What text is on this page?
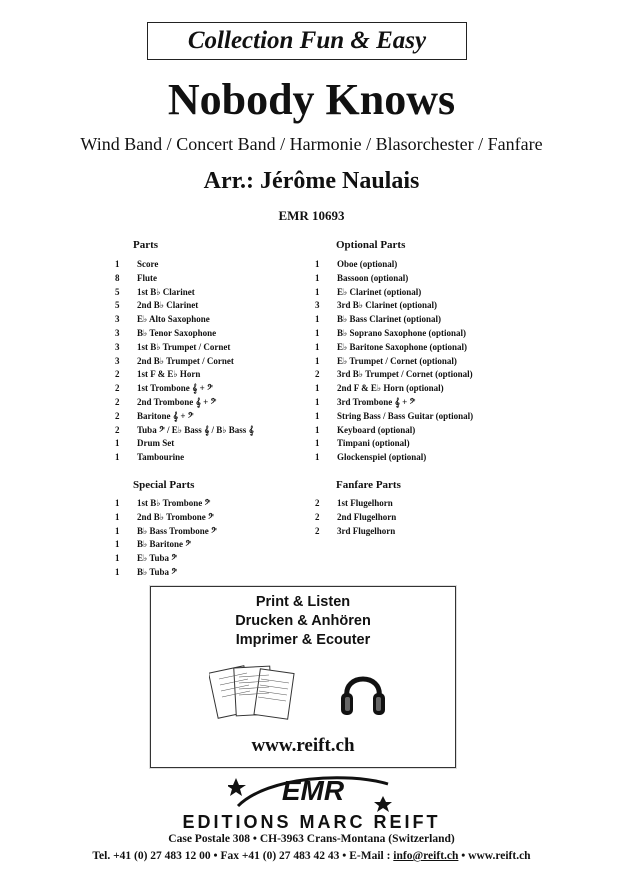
Collection Fun & Easy
Nobody Knows
Wind Band / Concert Band / Harmonie / Blasorchester / Fanfare
Arr.: Jérôme Naulais
EMR 10693
Parts
1	Score
8	Flute
5	1st B♭ Clarinet
5	2nd B♭ Clarinet
3	E♭ Alto Saxophone
3	B♭ Tenor Saxophone
3	1st B♭ Trumpet / Cornet
3	2nd B♭ Trumpet / Cornet
2	1st F & E♭ Horn
2	1st Trombone 𝄞 + 𝄢
2	2nd Trombone 𝄞 + 𝄢
2	Baritone 𝄞 + 𝄢
2	Tuba 𝄢 / E♭ Bass 𝄞 / B♭ Bass 𝄞
1	Drum Set
1	Tambourine
Optional Parts
1	Oboe (optional)
1	Bassoon (optional)
1	E♭ Clarinet (optional)
3	3rd B♭ Clarinet (optional)
1	B♭ Bass Clarinet (optional)
1	B♭ Soprano Saxophone (optional)
1	E♭ Baritone Saxophone (optional)
1	E♭ Trumpet / Cornet (optional)
2	3rd B♭ Trumpet / Cornet (optional)
1	2nd F & E♭ Horn (optional)
1	3rd Trombone 𝄞 + 𝄢
1	String Bass / Bass Guitar (optional)
1	Keyboard (optional)
1	Timpani (optional)
1	Glockenspiel (optional)
Special Parts
1	1st B♭ Trombone 𝄢
1	2nd B♭ Trombone 𝄢
1	B♭ Bass Trombone 𝄢
1	B♭ Baritone 𝄢
1	E♭ Tuba 𝄢
1	B♭ Tuba 𝄢
Fanfare Parts
2	1st Flugelhorn
2	2nd Flugelhorn
2	3rd Flugelhorn
Print & Listen
Drucken & Anhören
Imprimer & Ecouter
www.reift.ch
EMR
EDITIONS MARC REIFT
Case Postale 308 • CH-3963 Crans-Montana (Switzerland)
Tel. +41 (0) 27 483 12 00 • Fax +41 (0) 27 483 42 43 • E-Mail : info@reift.ch • www.reift.ch
